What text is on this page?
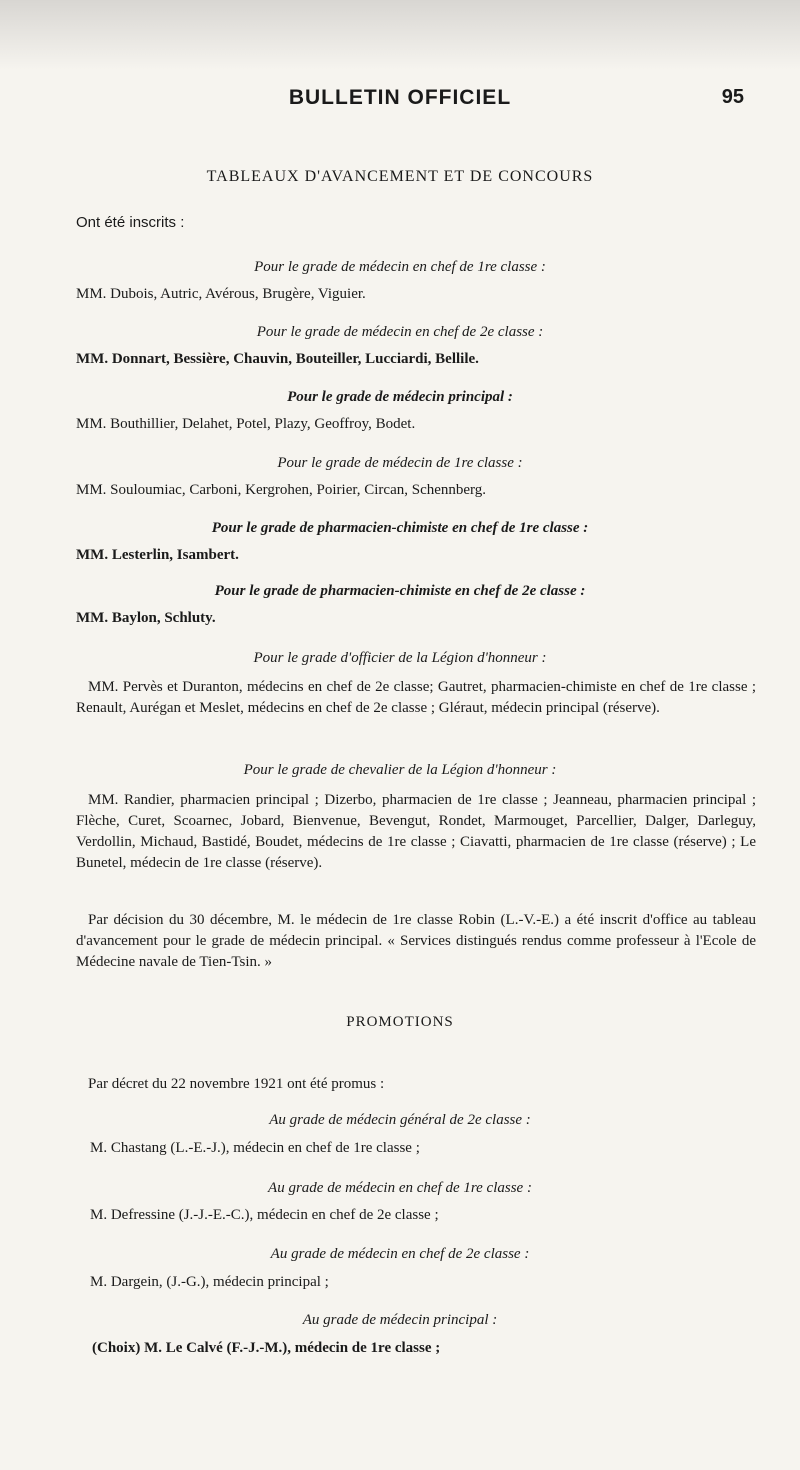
BULLETIN OFFICIEL	95
TABLEAUX D'AVANCEMENT ET DE CONCOURS
Ont été inscrits :
Pour le grade de médecin en chef de 1re classe :
MM. Dubois, Autric, Avérous, Brugère, Viguier.
Pour le grade de médecin en chef de 2e classe :
MM. Donnart, Bessière, Chauvin, Bouteiller, Lucciardi, Bellile.
Pour le grade de médecin principal :
MM. Bouthillier, Delahet, Potel, Plazy, Geoffroy, Bodet.
Pour le grade de médecin de 1re classe :
MM. Souloumiac, Carboni, Kergrohen, Poirier, Circan, Schennberg.
Pour le grade de pharmacien-chimiste en chef de 1re classe :
MM. Lesterlin, Isambert.
Pour le grade de pharmacien-chimiste en chef de 2e classe :
MM. Baylon, Schluty.
Pour le grade d'officier de la Légion d'honneur :
MM. Pervès et Duranton, médecins en chef de 2e classe; Gautret, pharmacien-chimiste en chef de 1re classe ; Renault, Aurégan et Meslet, médecins en chef de 2e classe ; Gléraut, médecin principal (réserve).
Pour le grade de chevalier de la Légion d'honneur :
MM. Randier, pharmacien principal ; Dizerbo, pharmacien de 1re classe ; Jeanneau, pharmacien principal ; Flèche, Curet, Scoarnec, Jobard, Bienvenue, Bevengut, Rondet, Marmouget, Parcellier, Dalger, Darleguy, Verdollin, Michaud, Bastidé, Boudet, médecins de 1re classe ; Ciavatti, pharmacien de 1re classe (réserve) ; Le Bunetel, médecin de 1re classe (réserve).
Par décision du 30 décembre, M. le médecin de 1re classe Robin (L.-V.-E.) a été inscrit d'office au tableau d'avancement pour le grade de médecin principal. « Services distingués rendus comme professeur à l'Ecole de Médecine navale de Tien-Tsin. »
PROMOTIONS
Par décret du 22 novembre 1921 ont été promus :
Au grade de médecin général de 2e classe :
M. Chastang (L.-E.-J.), médecin en chef de 1re classe ;
Au grade de médecin en chef de 1re classe :
M. Defressine (J.-J.-E.-C.), médecin en chef de 2e classe ;
Au grade de médecin en chef de 2e classe :
M. Dargein, (J.-G.), médecin principal ;
Au grade de médecin principal :
(Choix) M. Le Calvé (F.-J.-M.), médecin de 1re classe ;
